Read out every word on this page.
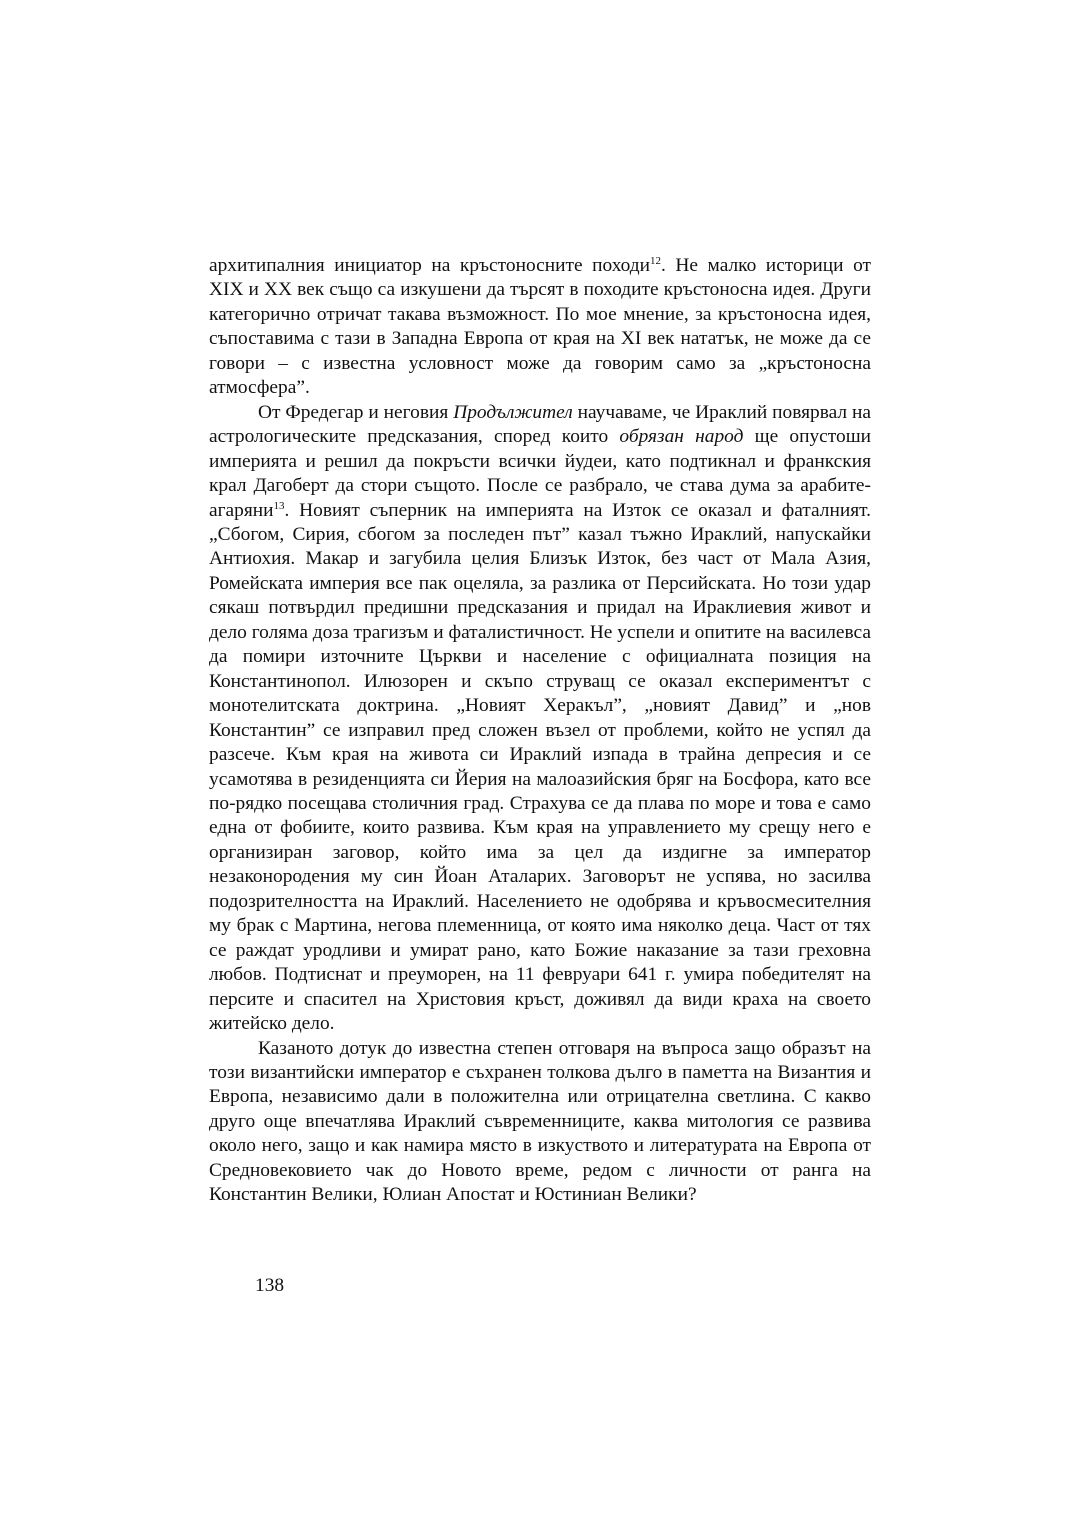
архитипалния инициатор на кръстоносните походи$^{12}$. Не малко историци от XIX и XX век също са изкушени да търсят в походите кръстоносна идея. Други категорично отричат такава възможност. По мое мнение, за кръстоносна идея, съпоставима с тази в Западна Европа от края на XI век нататък, не може да се говори – с известна условност може да говорим само за „кръстоносна атмосфера”.

От Фредегар и неговия Продължител научаваме, че Ираклий повярвал на астрологическите предсказания, според които обрязан народ ще опустоши империята и решил да покръсти всички йудеи, като подтикнал и франкския крал Дагоберт да стори същото. После се разбрало, че става дума за арабите-агаряни$^{13}$. Новият съперник на империята на Изток се оказал и фаталният. „Сбогом, Сирия, сбогом за последен път” казал тъжно Ираклий, напускайки Антиохия. Макар и загубила целия Близък Изток, без част от Мала Азия, Ромейската империя все пак оцеляла, за разлика от Персийската. Но този удар сякаш потвърдил предишни предсказания и придал на Ираклиевия живот и дело голяма доза трагизъм и фаталистичност. Не успели и опитите на василевса да помири източните Църкви и население с официалната позиция на Константинопол. Илюзорен и скъпо струващ се оказал експериментът с монотелитската доктрина. „Новият Херакъл”, „новият Давид” и „нов Константин” се изправил пред сложен възел от проблеми, който не успял да разсече. Към края на живота си Ираклий изпада в трайна депресия и се усамотява в резиденцията си Йерия на малоазийския бряг на Босфора, като все по-рядко посещава столичния град. Страхува се да плава по море и това е само една от фобиите, които развива. Към края на управлението му срещу него е организиран заговор, който има за цел да издигне за император незаконородения му син Йоан Аталарих. Заговорът не успява, но засилва подозрителността на Ираклий. Населението не одобрява и кръвосмесителния му брак с Мартина, негова племенница, от която има няколко деца. Част от тях се раждат уродливи и умират рано, като Божие наказание за тази греховна любов. Подтиснат и преуморен, на 11 февруари 641 г. умира победителят на персите и спасител на Христовия кръст, доживял да види краха на своето житейско дело.

Казаното дотук до известна степен отговаря на въпроса защо образът на този византийски император е съхранен толкова дълго в паметта на Византия и Европа, независимо дали в положителна или отрицателна светлина. С какво друго още впечатлява Ираклий съвременниците, каква митология се развива около него, защо и как намира място в изкуството и литературата на Европа от Средновековието чак до Новото време, редом с личности от ранга на Константин Велики, Юлиан Апостат и Юстиниан Велики?

138
